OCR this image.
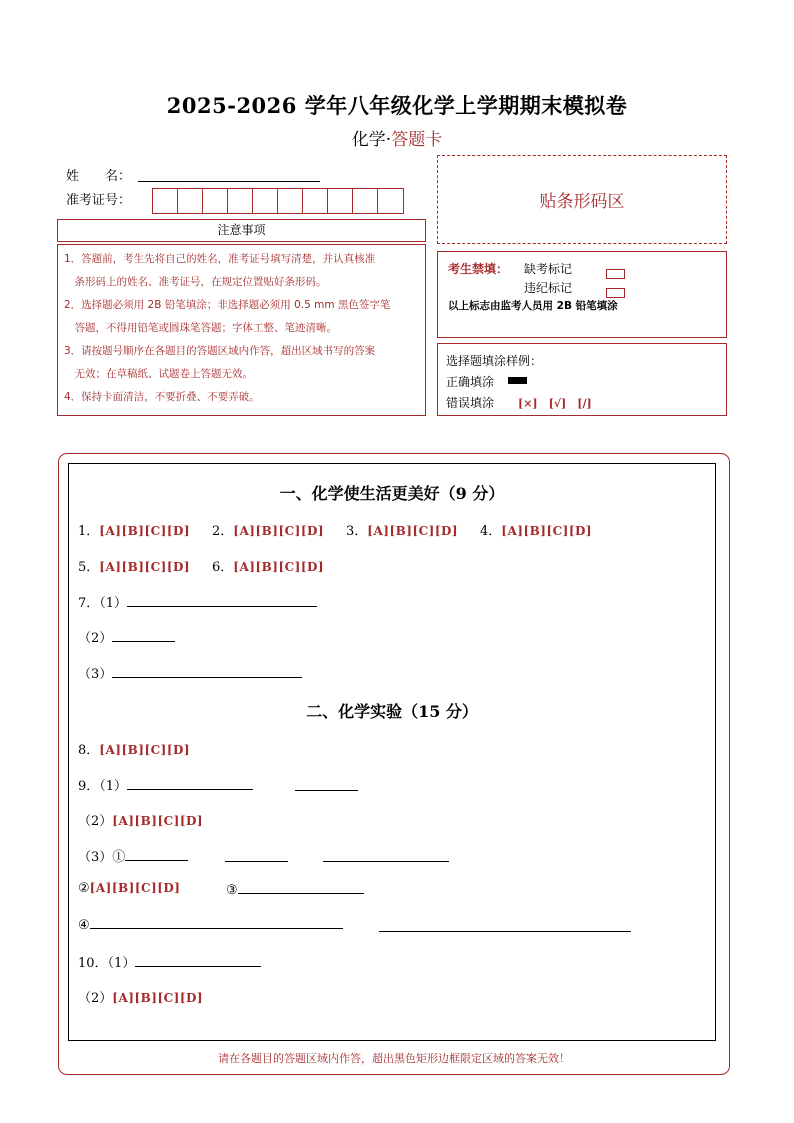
2025-2026 学年八年级化学上学期期末模拟卷
化学·答题卡
姓　　名：
准考证号：	贴条形码区
注意事项
1．答题前，考生先将自己的姓名，准考证号填写清楚，并认真核准
　条形码上的姓名、准考证号，在规定位置贴好条形码。
2．选择题必须用 2B 铅笔填涂；非选择题必须用 0.5 mm 黑色签字笔
　答题，不得用铅笔或圆珠笔答题；字体工整、笔迹清晰。
3．请按题号顺序在各题目的答题区域内作答，超出区域书写的答案
　无效；在草稿纸、试题卷上答题无效。
4．保持卡面清洁，不要折叠、不要弄破。
考生禁填： 缺考标记
违纪标记
以上标志由监考人员用 2B 铅笔填涂
选择题填涂样例：
正确填涂
错误填涂 [×]　[√]　[/]
一、化学使生活更美好（9 分）
1．[A][B][C][D] 2．[A][B][C][D] 3．[A][B][C][D] 4．[A][B][C][D]
5．[A][B][C][D] 6．[A][B][C][D]
7．（1）
（2）
（3）
二、化学实验（15 分）
8．[A][B][C][D]
9．（1）
（2）[A][B][C][D]
（3）①
②[A][B][C][D]	③
④
10．（1）
（2）[A][B][C][D]
请在各题目的答题区域内作答，超出黑色矩形边框限定区域的答案无效！
